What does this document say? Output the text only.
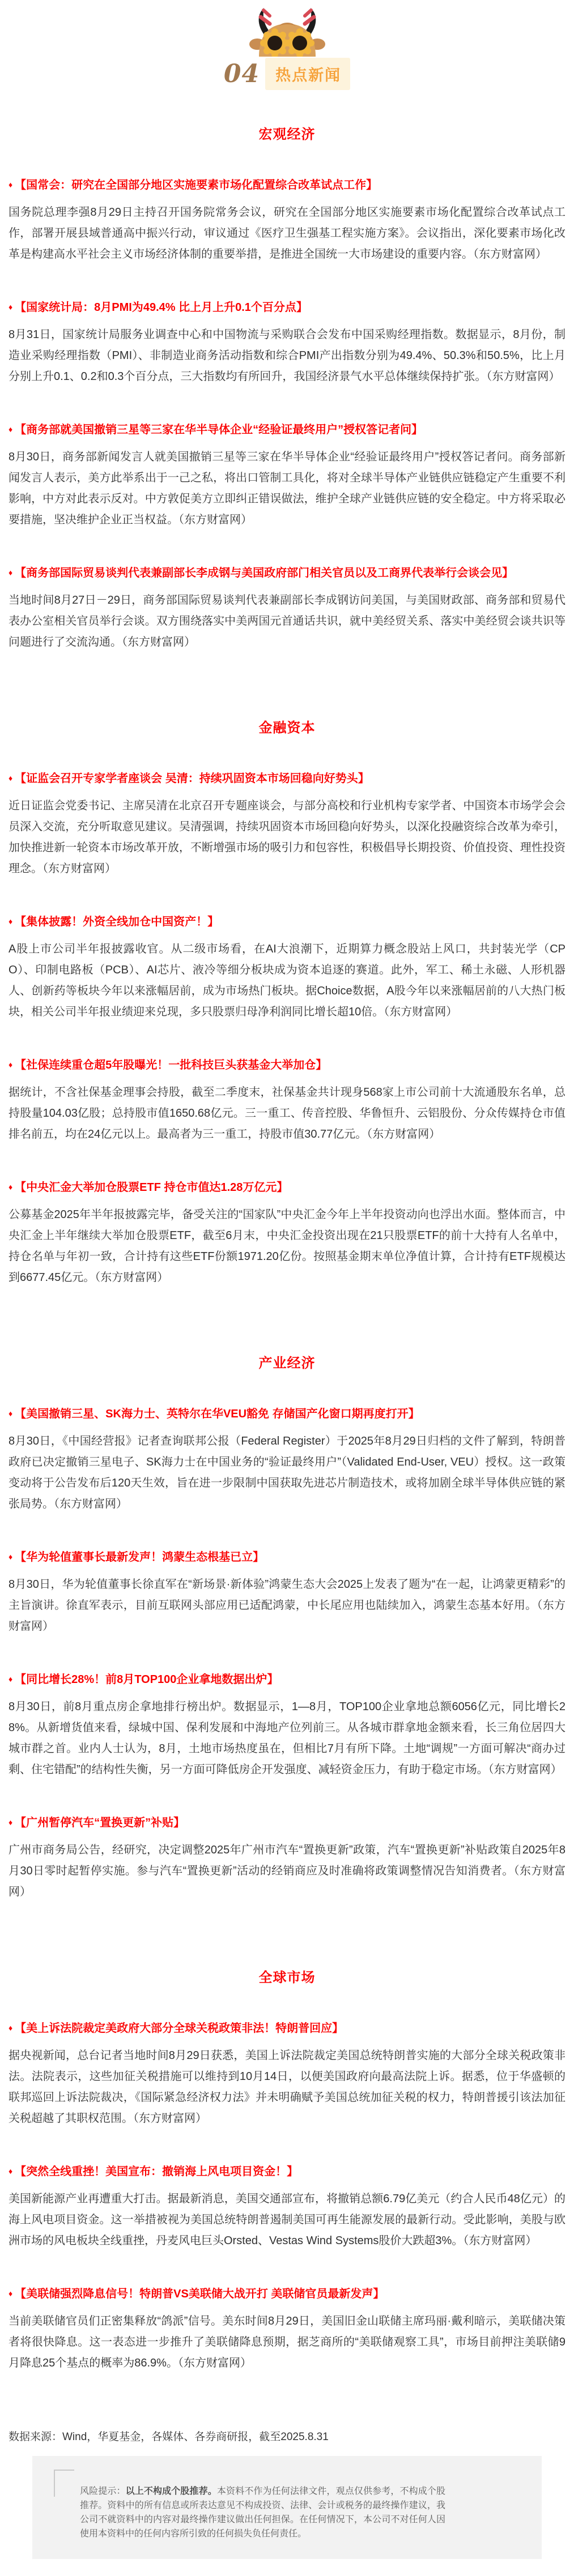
04	热点新闻
宏观经济
♦ 【国常会：研究在全国部分地区实施要素市场化配置综合改革试点工作】

国务院总理李强8月29日主持召开国务院常务会议，研究在全国部分地区实施要素市场化配置综合改革试点工作，部署开展县域普通高中振兴行动，审议通过《医疗卫生强基工程实施方案》。会议指出，深化要素市场化改革是构建高水平社会主义市场经济体制的重要举措，是推进全国统一大市场建设的重要内容。（东方财富网）

♦ 【国家统计局：8月PMI为49.4% 比上月上升0.1个百分点】

8月31日，国家统计局服务业调查中心和中国物流与采购联合会发布中国采购经理指数。数据显示，8月份，制造业采购经理指数（PMI）、非制造业商务活动指数和综合PMI产出指数分别为49.4%、50.3%和50.5%，比上月分别上升0.1、0.2和0.3个百分点，三大指数均有所回升，我国经济景气水平总体继续保持扩张。（东方财富网）

♦ 【商务部就美国撤销三星等三家在华半导体企业“经验证最终用户”授权答记者问】

8月30日，商务部新闻发言人就美国撤销三星等三家在华半导体企业“经验证最终用户”授权答记者问。商务部新闻发言人表示，美方此举系出于一己之私，将出口管制工具化，将对全球半导体产业链供应链稳定产生重要不利影响，中方对此表示反对。中方敦促美方立即纠正错误做法，维护全球产业链供应链的安全稳定。中方将采取必要措施，坚决维护企业正当权益。（东方财富网）

♦ 【商务部国际贸易谈判代表兼副部长李成钢与美国政府部门相关官员以及工商界代表举行会谈会见】

当地时间8月27日－29日，商务部国际贸易谈判代表兼副部长李成钢访问美国，与美国财政部、商务部和贸易代表办公室相关官员举行会谈。双方围绕落实中美两国元首通话共识，就中美经贸关系、落实中美经贸会谈共识等问题进行了交流沟通。（东方财富网）

金融资本
♦ 【证监会召开专家学者座谈会 吴清：持续巩固资本市场回稳向好势头】

近日证监会党委书记、主席吴清在北京召开专题座谈会，与部分高校和行业机构专家学者、中国资本市场学会会员深入交流，充分听取意见建议。吴清强调，持续巩固资本市场回稳向好势头，以深化投融资综合改革为牵引，加快推进新一轮资本市场改革开放，不断增强市场的吸引力和包容性，积极倡导长期投资、价值投资、理性投资理念。（东方财富网）

♦ 【集体披露！外资全线加仓中国资产！】

A股上市公司半年报披露收官。从二级市场看，在AI大浪潮下，近期算力概念股站上风口，共封装光学（CPO）、印制电路板（PCB）、AI芯片、液冷等细分板块成为资本追逐的赛道。此外，军工、稀土永磁、人形机器人、创新药等板块今年以来涨幅居前，成为市场热门板块。据Choice数据，A股今年以来涨幅居前的八大热门板块，相关公司半年报业绩迎来兑现，多只股票归母净利润同比增长超10倍。（东方财富网）

♦ 【社保连续重仓超5年股曝光！一批科技巨头获基金大举加仓】

据统计，不含社保基金理事会持股，截至二季度末，社保基金共计现身568家上市公司前十大流通股东名单，总持股量104.03亿股；总持股市值1650.68亿元。三一重工、传音控股、华鲁恒升、云铝股份、分众传媒持仓市值排名前五，均在24亿元以上。最高者为三一重工，持股市值30.77亿元。（东方财富网）

♦ 【中央汇金大举加仓股票ETF 持仓市值达1.28万亿元】

公募基金2025年半年报披露完毕，备受关注的“国家队”中央汇金今年上半年投资动向也浮出水面。整体而言，中央汇金上半年继续大举加仓股票ETF，截至6月末，中央汇金投资出现在21只股票ETF的前十大持有人名单中，持仓名单与年初一致，合计持有这些ETF份额1971.20亿份。按照基金期末单位净值计算，合计持有ETF规模达到6677.45亿元。（东方财富网）

产业经济
♦ 【美国撤销三星、SK海力士、英特尔在华VEU豁免 存储国产化窗口期再度打开】

8月30日，《中国经营报》记者查询联邦公报（Federal Register）于2025年8月29日归档的文件了解到，特朗普政府已决定撤销三星电子、SK海力士在中国业务的“验证最终用户”（Validated End-User, VEU）授权。这一政策变动将于公告发布后120天生效，旨在进一步限制中国获取先进芯片制造技术，或将加剧全球半导体供应链的紧张局势。（东方财富网）

♦ 【华为轮值董事长最新发声！鸿蒙生态根基已立】

8月30日，华为轮值董事长徐直军在“新场景·新体验”鸿蒙生态大会2025上发表了题为“在一起，让鸿蒙更精彩”的主旨演讲。徐直军表示，目前互联网头部应用已适配鸿蒙，中长尾应用也陆续加入，鸿蒙生态基本好用。（东方财富网）

♦ 【同比增长28%！前8月TOP100企业拿地数据出炉】

8月30日，前8月重点房企拿地排行榜出炉。数据显示，1—8月，TOP100企业拿地总额6056亿元，同比增长28%。从新增货值来看，绿城中国、保利发展和中海地产位列前三。从各城市群拿地金额来看，长三角位居四大城市群之首。业内人士认为，8月，土地市场热度虽在，但相比7月有所下降。土地“调规”一方面可解决“商办过剩、住宅错配”的结构性失衡，另一方面可降低房企开发强度、减轻资金压力，有助于稳定市场。（东方财富网）

♦ 【广州暂停汽车“置换更新”补贴】

广州市商务局公告，经研究，决定调整2025年广州市汽车“置换更新”政策，汽车“置换更新”补贴政策自2025年8月30日零时起暂停实施。参与汽车“置换更新”活动的经销商应及时准确将政策调整情况告知消费者。（东方财富网）

全球市场
♦ 【美上诉法院裁定美政府大部分全球关税政策非法！特朗普回应】

据央视新闻，总台记者当地时间8月29日获悉，美国上诉法院裁定美国总统特朗普实施的大部分全球关税政策非法。法院表示，这些加征关税措施可以维持到10月14日，以便美国政府向最高法院上诉。据悉，位于华盛顿的联邦巡回上诉法院裁决，《国际紧急经济权力法》并未明确赋予美国总统加征关税的权力，特朗普援引该法加征关税超越了其职权范围。（东方财富网）

♦ 【突然全线重挫！美国宣布：撤销海上风电项目资金！】

美国新能源产业再遭重大打击。据最新消息，美国交通部宣布，将撤销总额6.79亿美元（约合人民币48亿元）的海上风电项目资金。这一举措被视为美国总统特朗普遏制美国可再生能源发展的最新行动。受此影响，美股与欧洲市场的风电板块全线重挫，丹麦风电巨头Orsted、Vestas Wind Systems股价大跌超3%。（东方财富网）

♦ 【美联储强烈降息信号！特朗普VS美联储大战开打 美联储官员最新发声】

当前美联储官员们正密集释放“鸽派”信号。美东时间8月29日，美国旧金山联储主席玛丽·戴利暗示，美联储决策者将很快降息。这一表态进一步推升了美联储降息预期，据芝商所的“美联储观察工具”，市场目前押注美联储9月降息25个基点的概率为86.9%。（东方财富网）

数据来源：Wind，华夏基金，各媒体、各券商研报，截至2025.8.31

风险提示：以上不构成个股推荐。本资料不作为任何法律文件，观点仅供参考，不构成个股推荐。资料中的所有信息或所表达意见不构成投资、法律、会计或税务的最终操作建议，我公司不就资料中的内容对最终操作建议做出任何担保。在任何情况下，本公司不对任何人因使用本资料中的任何内容所引致的任何损失负任何责任。
